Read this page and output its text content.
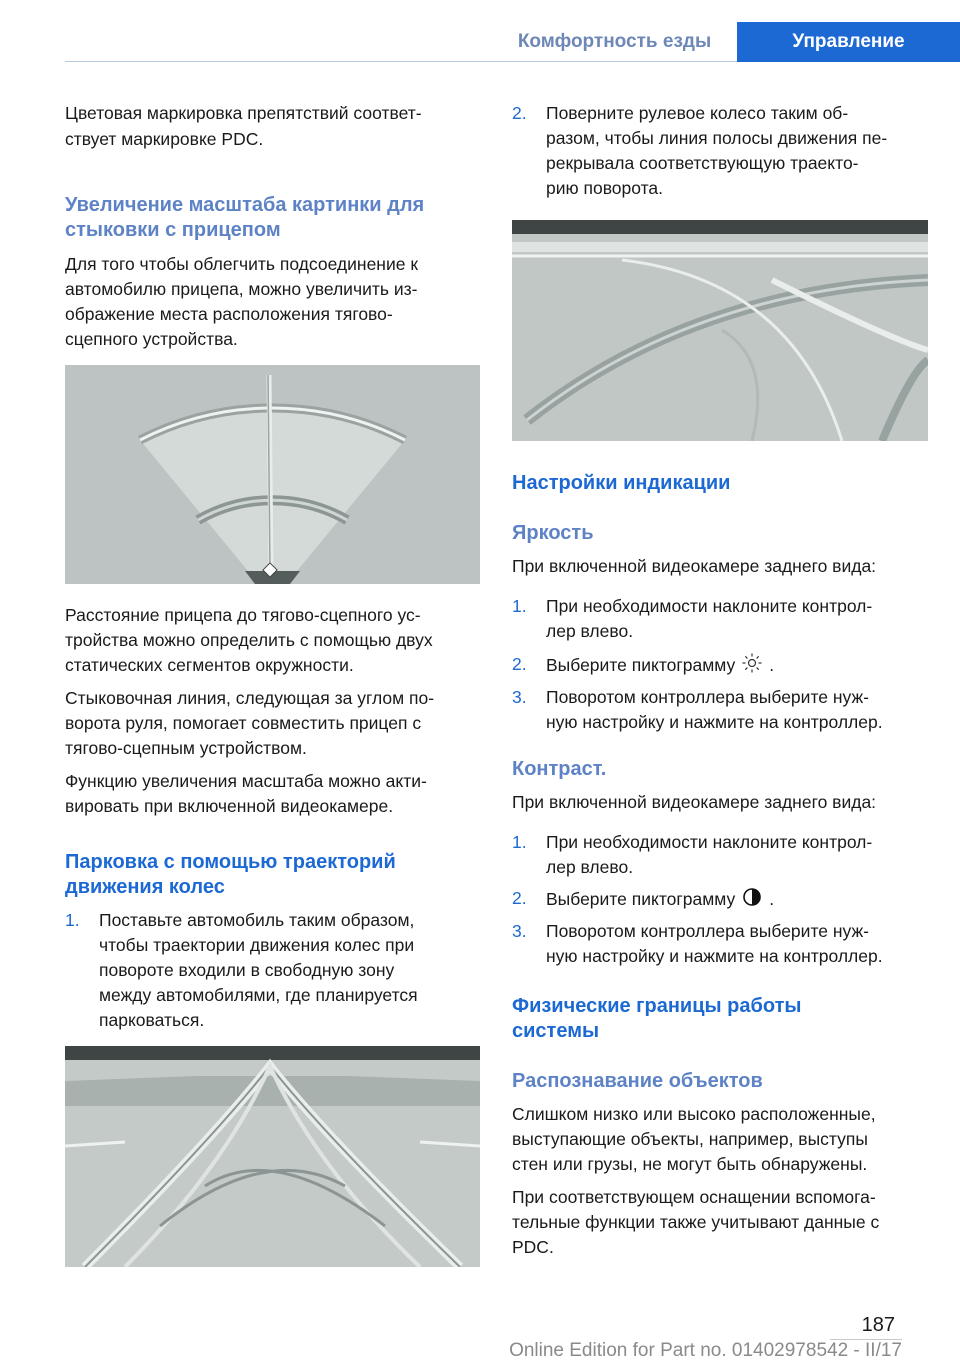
Комфортность езды	Управление
Цветовая маркировка препятствий соответ-
ствует маркировке PDC.
Увеличение масштаба картинки для
стыковки с прицепом
Для того чтобы облегчить подсоединение к
автомобилю прицепа, можно увеличить из-
ображение места расположения тягово-
сцепного устройства.
Расстояние прицепа до тягово-сцепного ус-
тройства можно определить с помощью двух
статических сегментов окружности.
Стыковочная линия, следующая за углом по-
ворота руля, помогает совместить прицеп с
тягово-сцепным устройством.
Функцию увеличения масштаба можно акти-
вировать при включенной видеокамере.
Парковка с помощью траекторий
движения колес
1. Поставьте автомобиль таким образом,
чтобы траектории движения колес при
повороте входили в свободную зону
между автомобилями, где планируется
парковаться.
2. Поверните рулевое колесо таким об-
разом, чтобы линия полосы движения пе-
рекрывала соответствующую траекто-
рию поворота.
Настройки индикации
Яркость
При включенной видеокамере заднего вида:
1. При необходимости наклоните контрол-
лер влево.
2. Выберите пиктограмму .
3. Поворотом контроллера выберите нуж-
ную настройку и нажмите на контроллер.
Контраст.
При включенной видеокамере заднего вида:
1. При необходимости наклоните контрол-
лер влево.
2. Выберите пиктограмму .
3. Поворотом контроллера выберите нуж-
ную настройку и нажмите на контроллер.
Физические границы работы
системы
Распознавание объектов
Слишком низко или высоко расположенные,
выступающие объекты, например, выступы
стен или грузы, не могут быть обнаружены.
При соответствующем оснащении вспомога-
тельные функции также учитывают данные с
PDC.
187
Online Edition for Part no. 01402978542 - II/17
